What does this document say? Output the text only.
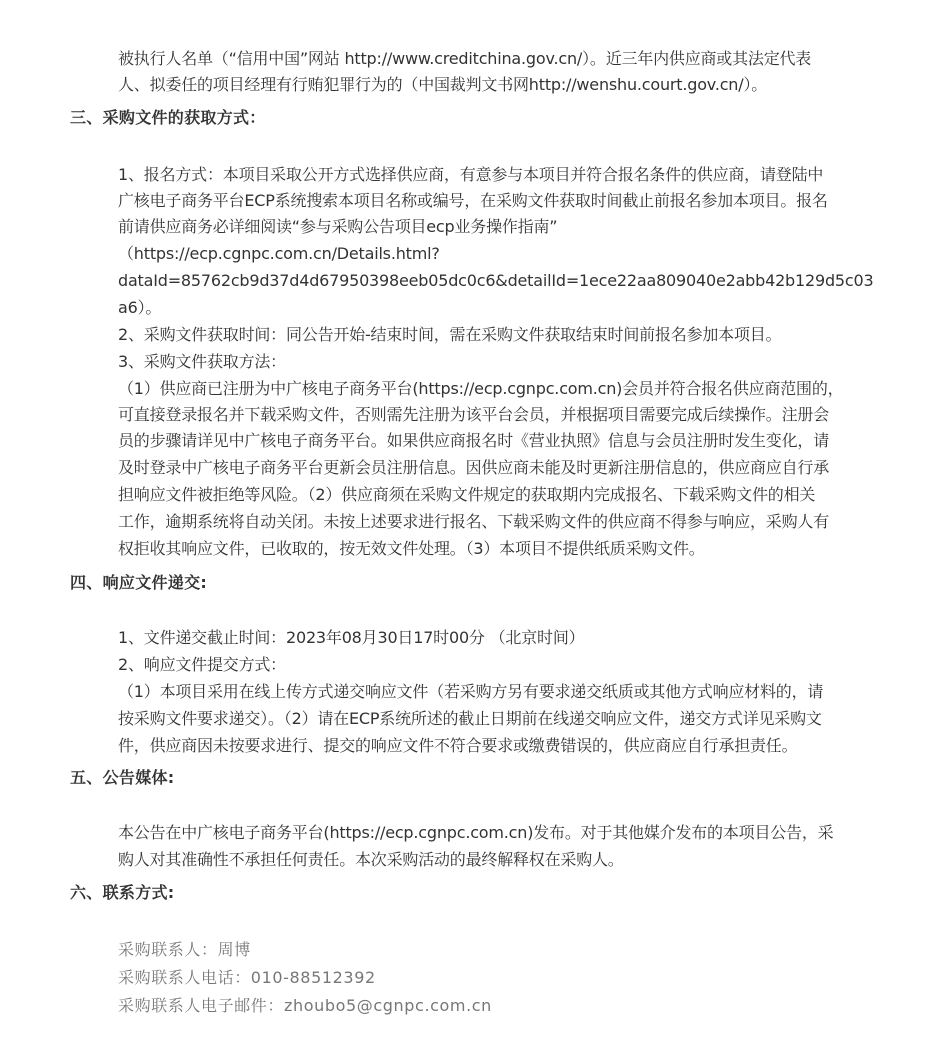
被执行人名单（“信用中国”网站 http://www.creditchina.gov.cn/）。近三年内供应商或其法定代表
人、拟委任的项目经理有行贿犯罪行为的（中国裁判文书网http://wenshu.court.gov.cn/）。
三、采购文件的获取方式：
1、报名方式：本项目采取公开方式选择供应商，有意参与本项目并符合报名条件的供应商，请登陆中
广核电子商务平台ECP系统搜索本项目名称或编号，在采购文件获取时间截止前报名参加本项目。报名
前请供应商务必详细阅读“参与采购公告项目ecp业务操作指南”
（https://ecp.cgnpc.com.cn/Details.html?
dataId=85762cb9d37d4d67950398eeb05dc0c6&detailId=1ece22aa809040e2abb42b129d5c03
a6）。
2、采购文件获取时间：同公告开始-结束时间，需在采购文件获取结束时间前报名参加本项目。
3、采购文件获取方法：
（1）供应商已注册为中广核电子商务平台(https://ecp.cgnpc.com.cn)会员并符合报名供应商范围的，
可直接登录报名并下载采购文件，否则需先注册为该平台会员，并根据项目需要完成后续操作。注册会
员的步骤请详见中广核电子商务平台。如果供应商报名时《营业执照》信息与会员注册时发生变化，请
及时登录中广核电子商务平台更新会员注册信息。因供应商未能及时更新注册信息的，供应商应自行承
担响应文件被拒绝等风险。（2）供应商须在采购文件规定的获取期内完成报名、下载采购文件的相关
工作，逾期系统将自动关闭。未按上述要求进行报名、下载采购文件的供应商不得参与响应，采购人有
权拒收其响应文件，已收取的，按无效文件处理。（3）本项目不提供纸质采购文件。
四、响应文件递交:
1、文件递交截止时间：2023年08月30日17时00分 （北京时间）
2、响应文件提交方式：
（1）本项目采用在线上传方式递交响应文件（若采购方另有要求递交纸质或其他方式响应材料的，请
按采购文件要求递交）。（2）请在ECP系统所述的截止日期前在线递交响应文件，递交方式详见采购文
件，供应商因未按要求进行、提交的响应文件不符合要求或缴费错误的，供应商应自行承担责任。
五、公告媒体:
本公告在中广核电子商务平台(https://ecp.cgnpc.com.cn)发布。对于其他媒介发布的本项目公告，采
购人对其准确性不承担任何责任。本次采购活动的最终解释权在采购人。
六、联系方式:
采购联系人：周博
采购联系人电话：010-88512392
采购联系人电子邮件：zhoubo5@cgnpc.com.cn
